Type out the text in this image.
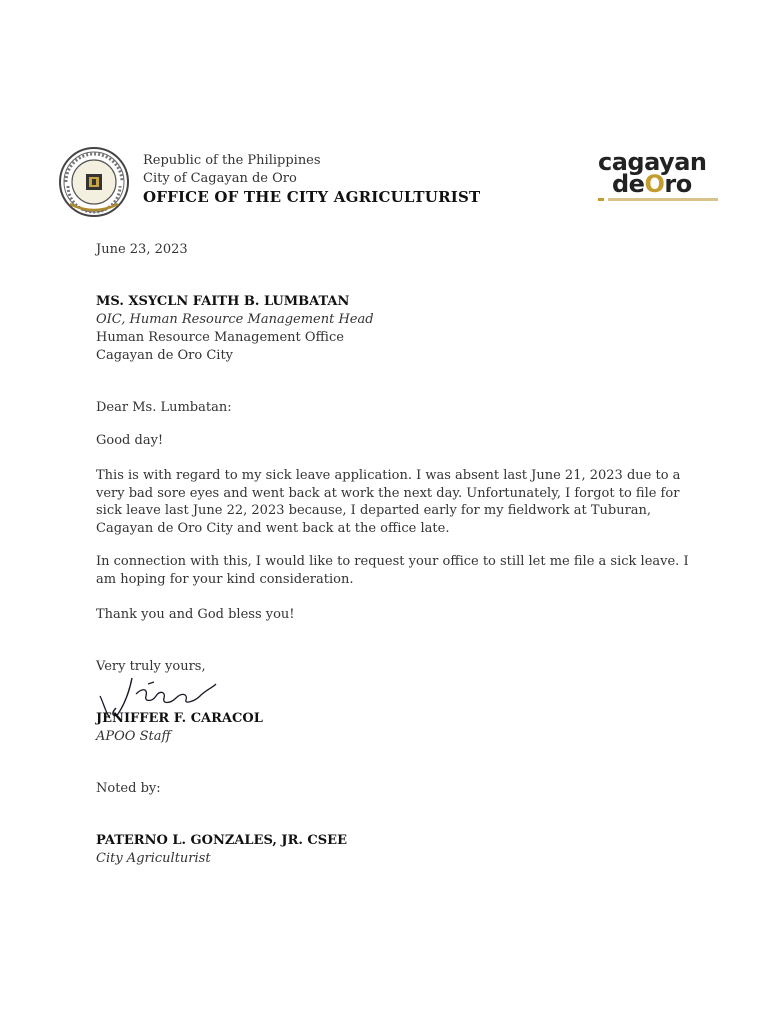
Republic of the Philippines
City of Cagayan de Oro
OFFICE OF THE CITY AGRICULTURIST
cagayan
deOro
June 23, 2023
MS. XSYCLN FAITH B. LUMBATAN
OIC, Human Resource Management Head
Human Resource Management Office
Cagayan de Oro City
Dear Ms. Lumbatan:
Good day!
This is with regard to my sick leave application. I was absent last June 21, 2023 due to a
very bad sore eyes and went back at work the next day. Unfortunately, I forgot to file for
sick leave last June 22, 2023 because, I departed early for my fieldwork at Tuburan,
Cagayan de Oro City and went back at the office late.
In connection with this, I would like to request your office to still let me file a sick leave. I
am hoping for your kind consideration.
Thank you and God bless you!
Very truly yours,
JENIFFER F. CARACOL
APOO Staff
Noted by:
PATERNO L. GONZALES, JR. CSEE
City Agriculturist
